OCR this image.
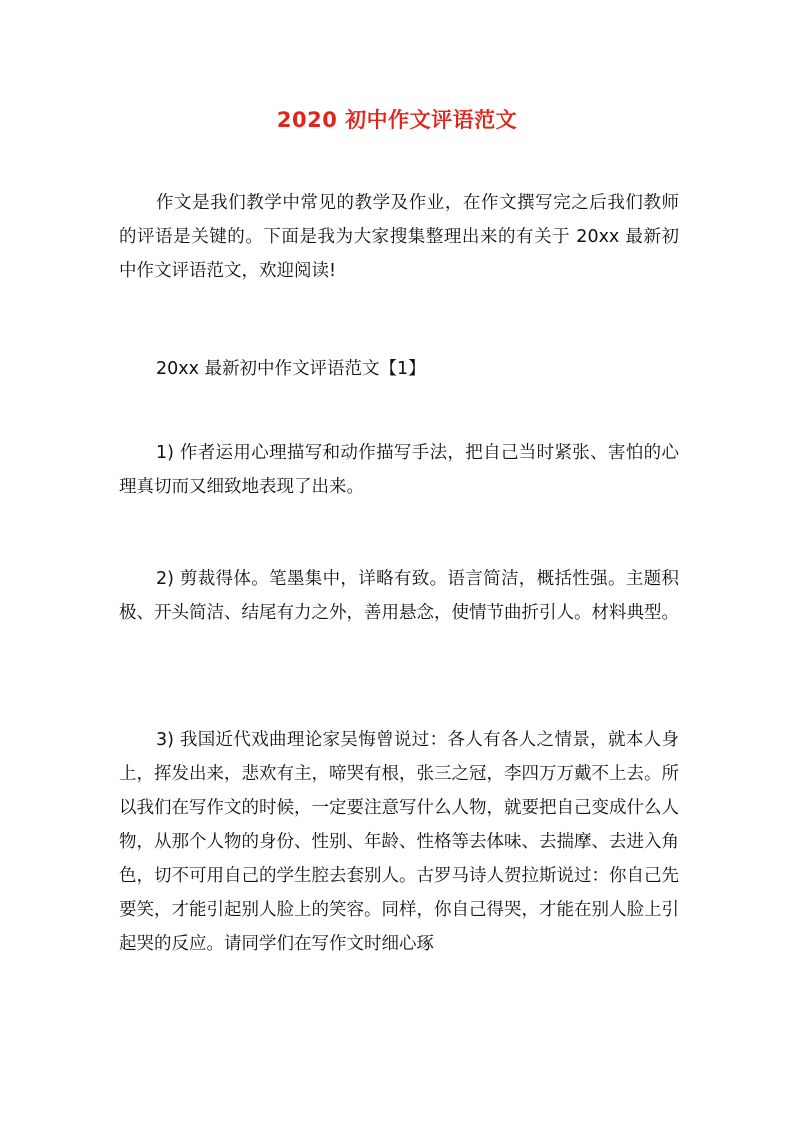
2020 初中作文评语范文

作文是我们教学中常见的教学及作业，在作文撰写完之后我们教师的评语是关键的。下面是我为大家搜集整理出来的有关于 20xx 最新初中作文评语范文，欢迎阅读!

20xx 最新初中作文评语范文【1】

1) 作者运用心理描写和动作描写手法，把自己当时紧张、害怕的心理真切而又细致地表现了出来。

2) 剪裁得体。笔墨集中，详略有致。语言简洁，概括性强。主题积极、开头简洁、结尾有力之外，善用悬念，使情节曲折引人。材料典型。

3) 我国近代戏曲理论家吴悔曾说过：各人有各人之情景，就本人身上，挥发出来，悲欢有主，啼哭有根，张三之冠，李四万万戴不上去。所以我们在写作文的时候，一定要注意写什么人物，就要把自己变成什么人物，从那个人物的身份、性别、年龄、性格等去体味、去揣摩、去进入角色，切不可用自己的学生腔去套别人。古罗马诗人贺拉斯说过：你自己先要笑，才能引起别人脸上的笑容。同样，你自己得哭，才能在别人脸上引起哭的反应。请同学们在写作文时细心琢
